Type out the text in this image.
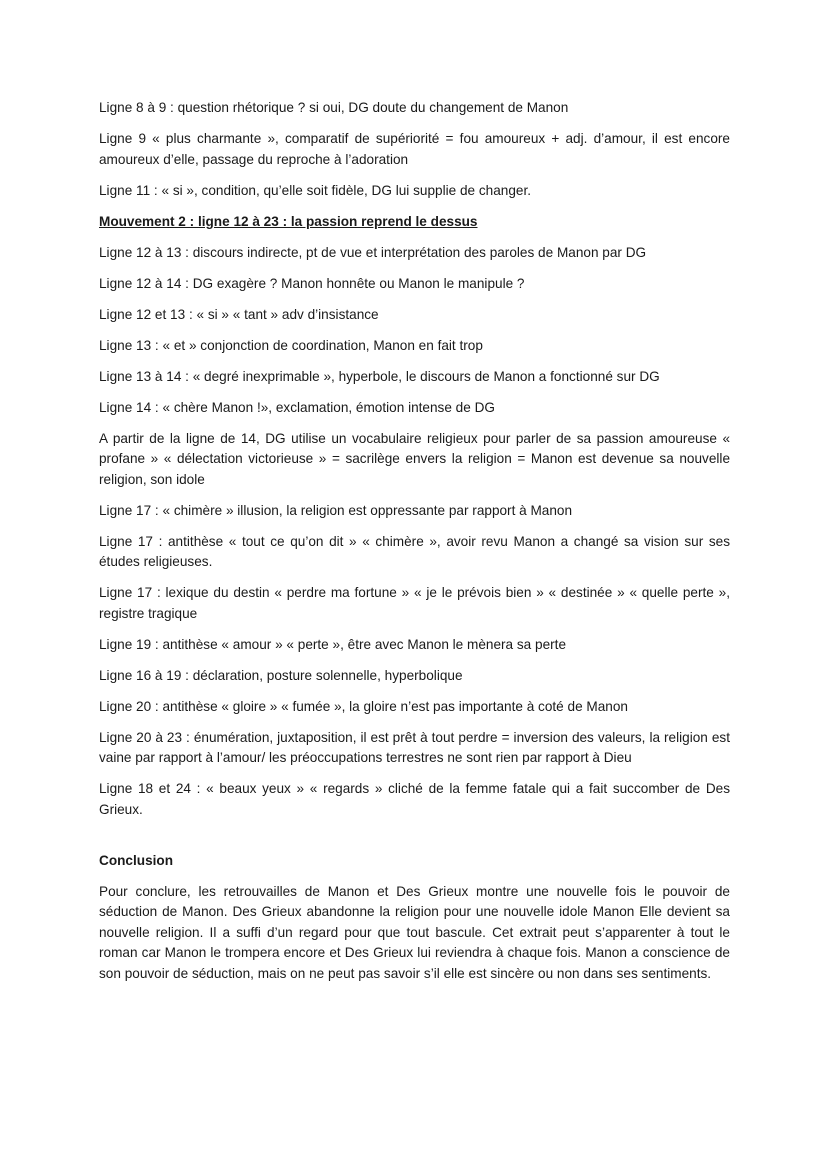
Ligne 8 à 9 : question rhétorique ? si oui, DG doute du changement de Manon

Ligne 9 « plus charmante », comparatif de supériorité = fou amoureux + adj. d’amour, il est encore amoureux d’elle, passage du reproche à l’adoration

Ligne 11 : « si », condition, qu’elle soit fidèle, DG lui supplie de changer.

Mouvement 2 : ligne 12 à 23 : la passion reprend le dessus

Ligne 12 à 13 : discours indirecte, pt de vue et interprétation des paroles de Manon par DG

Ligne 12 à 14 : DG exagère ? Manon honnête ou Manon le manipule ?

Ligne 12 et 13 : « si » « tant » adv d’insistance

Ligne 13 : « et » conjonction de coordination, Manon en fait trop

Ligne 13 à 14 : « degré inexprimable », hyperbole, le discours de Manon a fonctionné sur DG

Ligne 14 : « chère Manon !», exclamation, émotion intense de DG

A partir de la ligne de 14, DG utilise un vocabulaire religieux pour parler de sa passion amoureuse « profane » « délectation victorieuse » = sacrilège envers la religion = Manon est devenue sa nouvelle religion, son idole

Ligne 17 : « chimère » illusion, la religion est oppressante par rapport à Manon

Ligne 17 : antithèse « tout ce qu’on dit » « chimère », avoir revu Manon a changé sa vision sur ses études religieuses.

Ligne 17 : lexique du destin « perdre ma fortune » « je le prévois bien » « destinée » « quelle perte », registre tragique

Ligne 19 : antithèse « amour » « perte », être avec Manon le mènera sa perte

Ligne 16 à 19 : déclaration, posture solennelle, hyperbolique

Ligne 20 : antithèse « gloire » « fumée », la gloire n’est pas importante à coté de Manon

Ligne 20 à 23 : énumération, juxtaposition, il est prêt à tout perdre = inversion des valeurs, la religion est vaine par rapport à l’amour/ les préoccupations terrestres ne sont rien par rapport à Dieu

Ligne 18 et 24 : « beaux yeux » « regards » cliché de la femme fatale qui a fait succomber de Des Grieux.

Conclusion

Pour conclure, les retrouvailles de Manon et Des Grieux montre une nouvelle fois le pouvoir de séduction de Manon. Des Grieux abandonne la religion pour une nouvelle idole Manon Elle devient sa nouvelle religion. Il a suffi d’un regard pour que tout bascule. Cet extrait peut s’apparenter à tout le roman car Manon le trompera encore et Des Grieux lui reviendra à chaque fois. Manon a conscience de son pouvoir de séduction, mais on ne peut pas savoir s’il elle est sincère ou non dans ses sentiments.
